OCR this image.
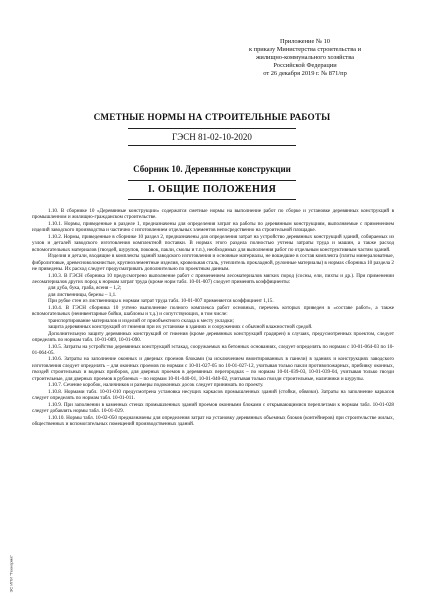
Приложение № 10
к приказу Министерства строительства и
жилищно-коммунального хозяйства
Российской Федерации
от 26 декабря 2019 г. № 871/пр
СМЕТНЫЕ НОРМЫ НА СТРОИТЕЛЬНЫЕ РАБОТЫ
ГЭСН 81-02-10-2020
Сборник 10. Деревянные конструкции
I. ОБЩИЕ ПОЛОЖЕНИЯ

1.10. В сборнике 10 «Деревянные конструкции» содержатся сметные нормы на выполнение работ по сборке и установке деревянных конструкций в промышленном и жилищно-гражданском строительстве.

1.10.1. Нормы, приведенные в разделе 1, предназначены для определения затрат на работы по деревянным конструкциям, выполняемые с применением изделий заводского производства и частично с изготовлением отдельных элементов непосредственно на строительной площадке.

1.10.2. Нормы, приведенные в сборнике 10 раздел 2, предназначены для определения затрат на устройство деревянных конструкций зданий, собираемых из узлов и деталей заводского изготовления комплектной поставки. В нормах этого раздела полностью учтены затраты труда и машин, а также расход вспомогательных материалов (гвоздей, шурупов, поковок, пакли, смолы и т.п.), необходимых для выполнения работ по отдельным конструктивным частям зданий.

Изделия и детали, входящие в комплекты зданий заводского изготовления и основные материалы, не вошедшие в состав комплекта (плиты минераловатные, фибролитовые, древесноволокнистые, крупноэлементные изделия, кровельная сталь, утеплитель прокладной, рулонные материалы) в нормах сборника 10 раздела 2 не приведены. Их расход следует предусматривать дополнительно по проектным данным.

1.10.3. В ГЭСН сборника 10 предусмотрено выполнение работ с применением лесоматериалов мягких пород (сосны, ели, пихты и др.). При применении лесоматериалов других пород к нормам затрат труда (кроме норм табл. 10-01-007) следует применять коэффициенты:

для дуба, бука, граба, ясеня – 1,2;

для лиственницы, березы – 1,1.

При рубке стен из лиственницы к нормам затрат труда табл. 10-01-007 применяется коэффициент 1,15.

1.10.4. В ГЭСН сборника 10 учтено выполнение полного комплекса работ основных, перечень которых приведен в «составе работ», а также вспомогательных (неинвентарные бойки, шаблоны и т.д.) и сопутствующих, в том числе:

транспортирование материалов и изделий от приобъектного склада к месту укладки;

защита деревянных конструкций от гниения при их установке в зданиях и сооружениях с обычной влажностной средой.

Дополнительную защиту деревянных конструкций от гниения (кроме деревянных конструкций градирен) в случаях, предусмотренных проектом, следует определять по нормам табл. 10-01-089, 10-01-090.

1.10.5. Затраты на устройство деревянных конструкций эстакад, сооружаемых на бетонных основаниях, следует определять по нормам с 10-01-064-03 по 10-01-064-05.

1.10.6. Затраты на заполнение оконных и дверных проемов блоками (за исключением вмонтированных в панели) в зданиях и конструкциях заводского изготовления следует определять – для оконных проемов по нормам с 10-01-027-05 по 10-01-027-12, учитывая только пакли противопожарных, прибивку оконных, гвоздей строительных и водных приборов, для дверных проемов в деревянных перегородках – по нормам 10-01-039-03, 10-01-039-04, учитывая только гвозди строительные, для дверных проемов в рубленых – по нормам 10-01-040-01, 10-01-040-02, учитывая только гвозди строительные, наличники и шурупы.

1.10.7. Сечение коробок, наличников и размеры подоконных досок следует принимать по проекту.

1.10.8. Нормами табл. 10-01-010 предусмотрена установка несущих каркасов промышленных зданий (стойки, обвязки). Затраты на заполнение каркасов следует определять по нормам табл. 10-01-011.

1.10.9. При заполнении в каменных стенах промышленных зданий проемов оконными блоками с открывающимися переплетами к нормам табл. 10-01-028 следует добавлять нормы табл. 10-01-029.

1.10.10. Нормы табл. 10-02-050 предназначены для определения затрат на установку деревянных объемных блоков (контейнеров) при строительстве жилых, общественных и вспомогательных помещений производственных зданий.

ЭС ИПИ "Технорма"
